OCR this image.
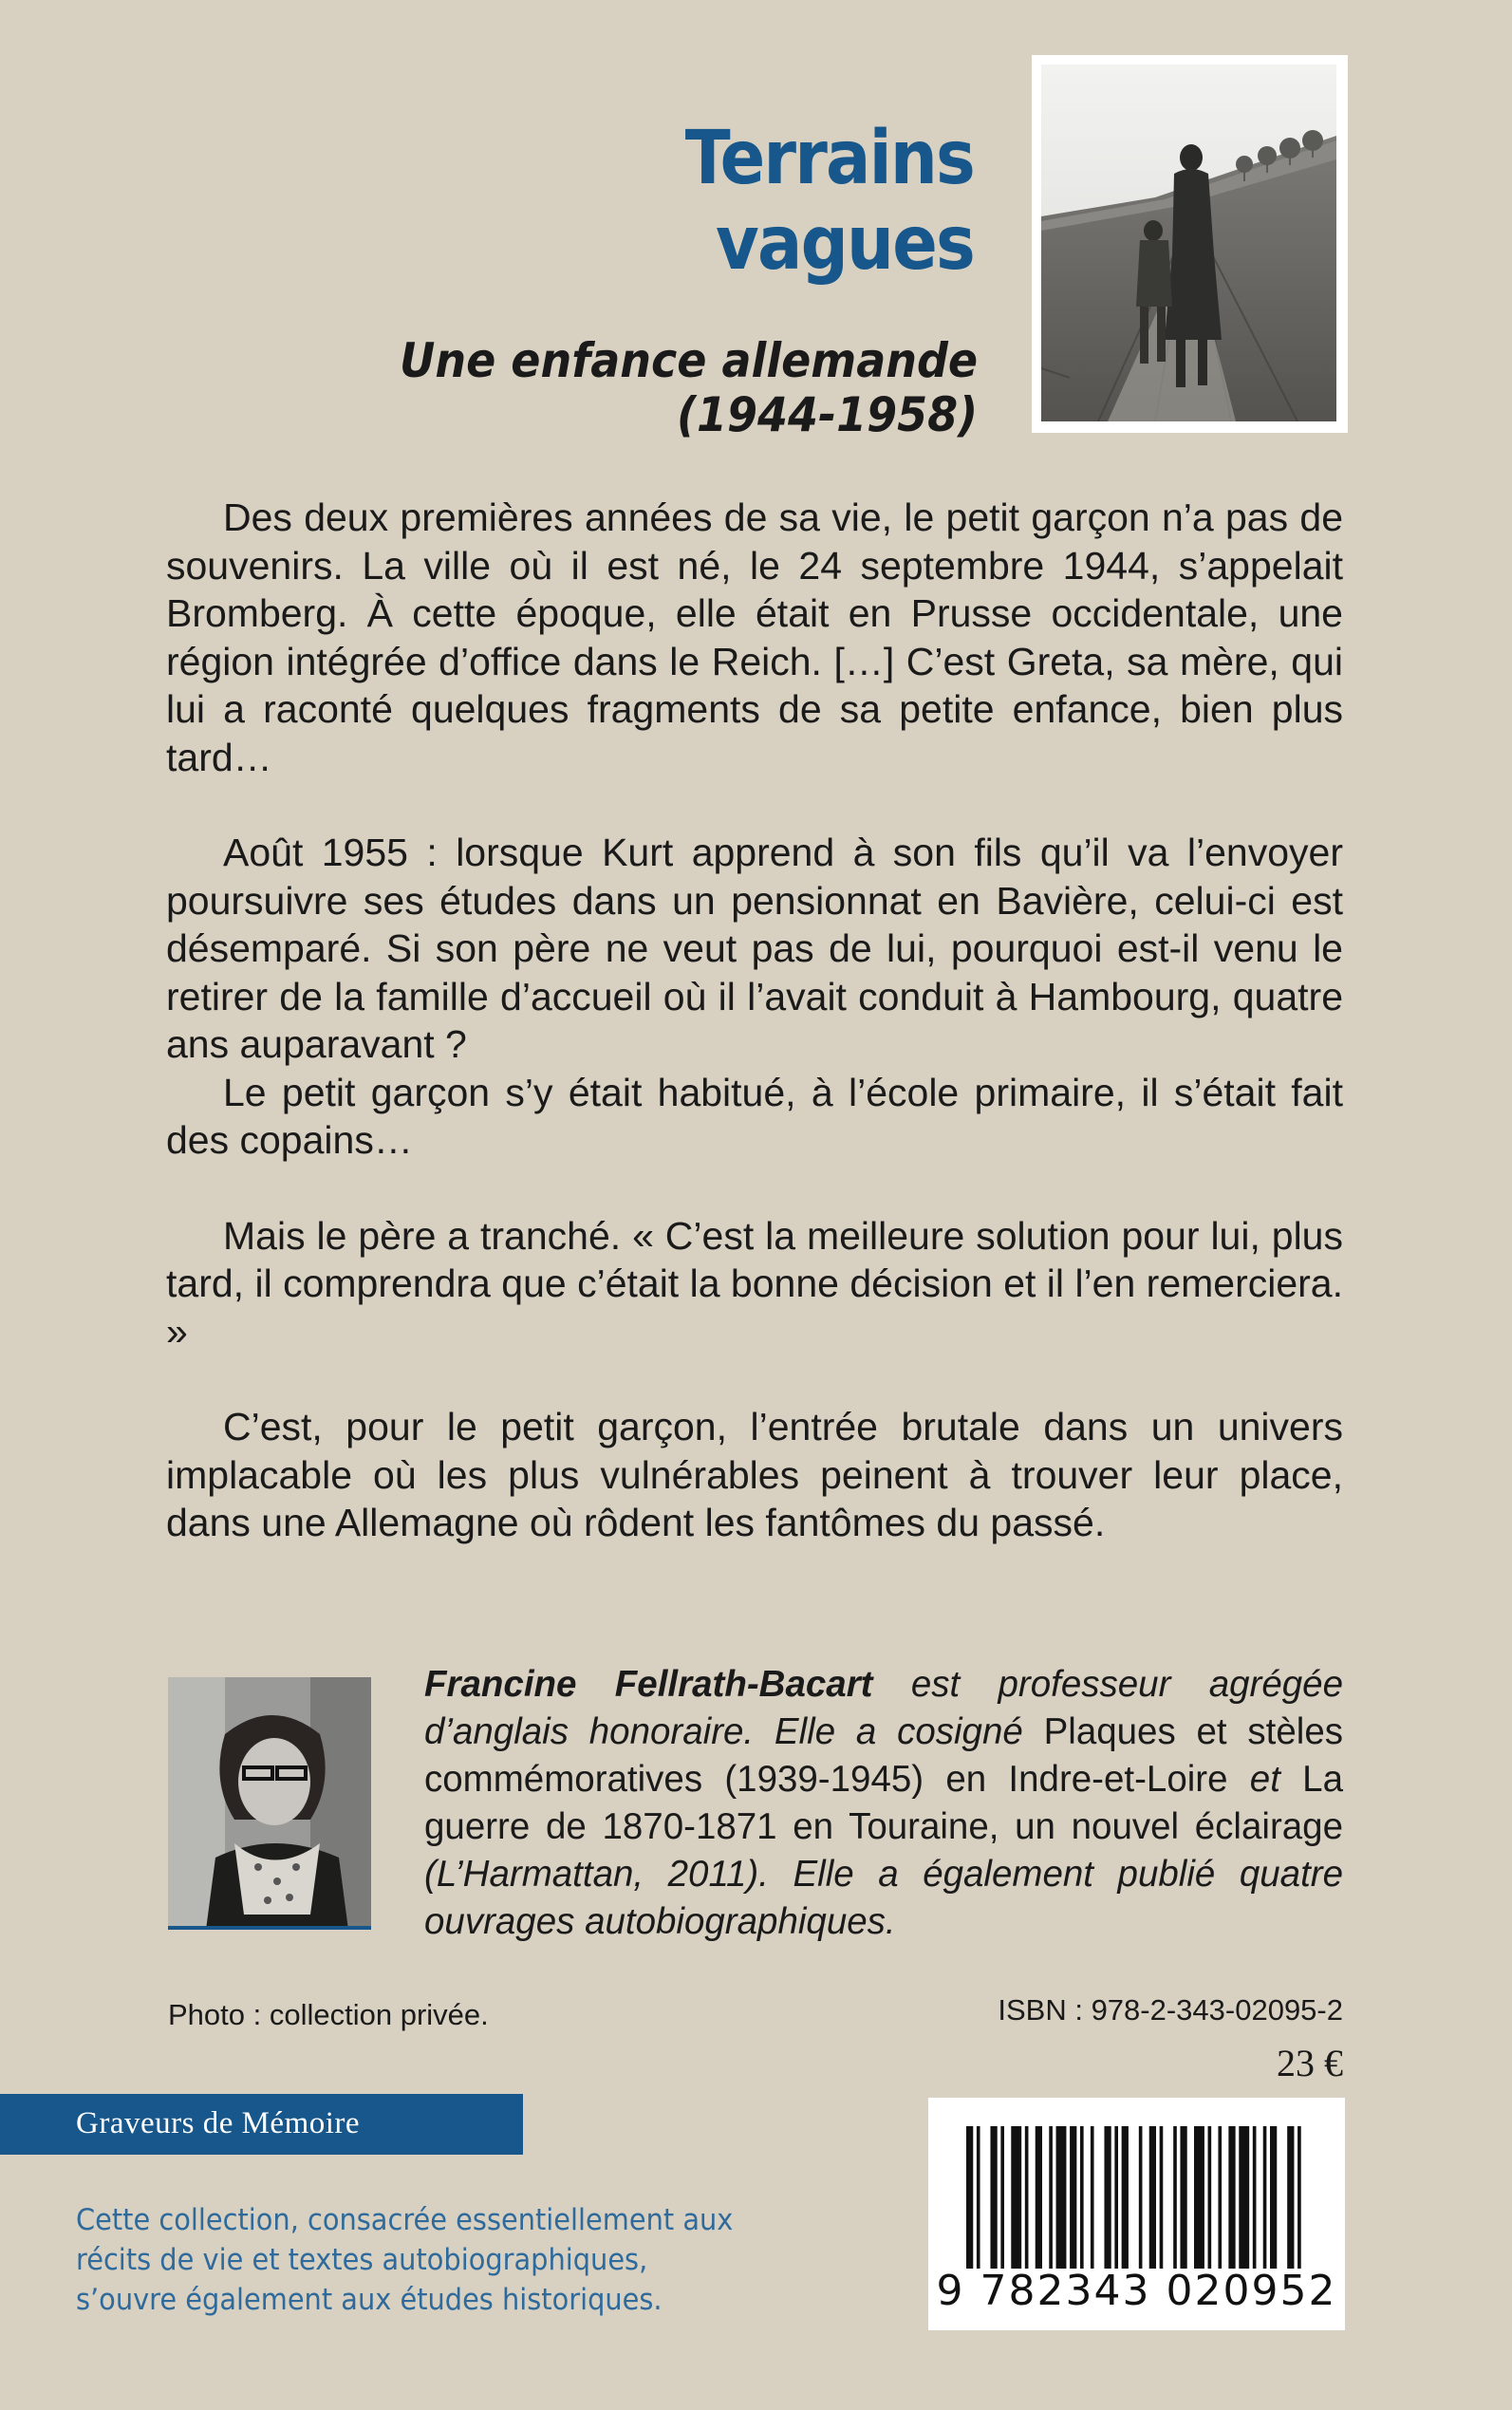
Terrains
vagues
Une enfance allemande
(1944-1958)

Des deux premières années de sa vie, le petit garçon n’a pas de souvenirs. La ville où il est né, le 24 septembre 1944, s’appelait Bromberg. À cette époque, elle était en Prusse occidentale, une région intégrée d’office dans le Reich. […] C’est Greta, sa mère, qui lui a raconté quelques fragments de sa petite enfance, bien plus tard…

Août 1955 : lorsque Kurt apprend à son fils qu’il va l’envoyer poursuivre ses études dans un pensionnat en Bavière, celui-ci est désemparé. Si son père ne veut pas de lui, pourquoi est-il venu le retirer de la famille d’accueil où il l’avait conduit à Hambourg, quatre ans auparavant ?

Le petit garçon s’y était habitué, à l’école primaire, il s’était fait des copains…

Mais le père a tranché. « C’est la meilleure solution pour lui, plus tard, il comprendra que c’était la bonne décision et il l’en remerciera. »

C’est, pour le petit garçon, l’entrée brutale dans un univers implacable où les plus vulnérables peinent à trouver leur place, dans une Allemagne où rôdent les fantômes du passé.

Francine Fellrath-Bacart est professeur agrégée d’anglais honoraire. Elle a cosigné Plaques et stèles commémoratives (1939-1945) en Indre-et-Loire et La guerre de 1870-1871 en Touraine, un nouvel éclairage (L’Harmattan, 2011). Elle a également publié quatre ouvrages autobiographiques.
Photo : collection privée.	ISBN : 978-2-343-02095-2
23 €
Graveurs de Mémoire
Cette collection, consacrée essentiellement aux récits de vie et textes autobiographiques, s’ouvre également aux études historiques.	9 782343 020952
